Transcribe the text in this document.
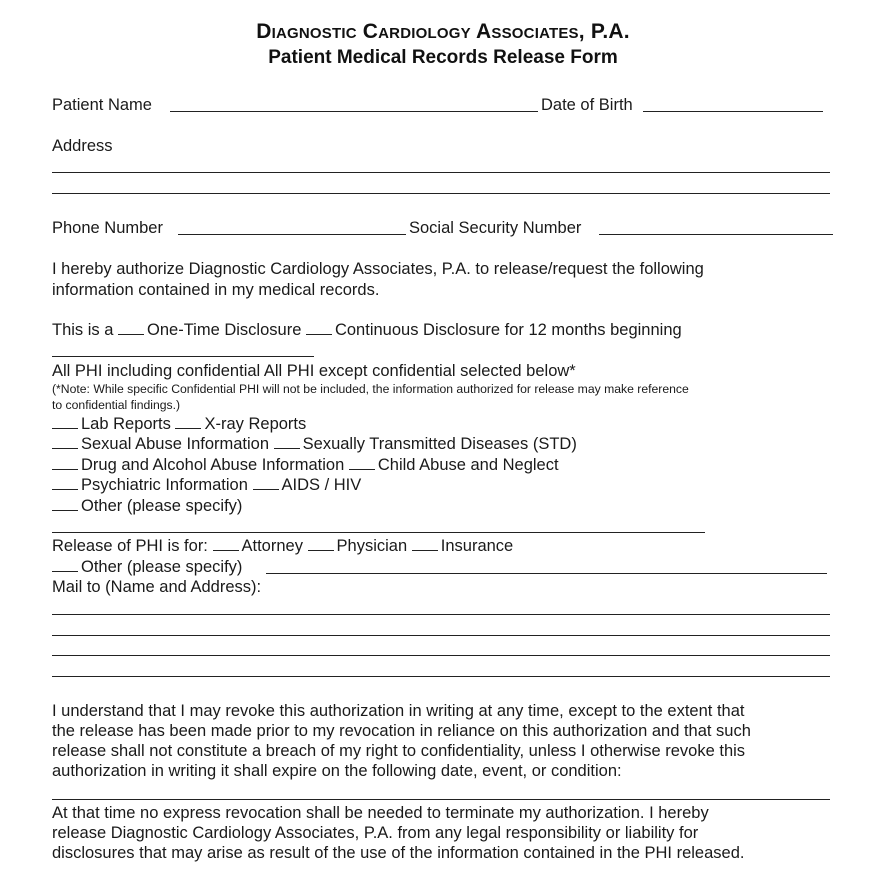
Diagnostic Cardiology Associates, P.A.
Patient Medical Records Release Form
Patient Name	Date of Birth
Address
Phone Number	Social Security Number
I hereby authorize Diagnostic Cardiology Associates, P.A. to release/request the following
information contained in my medical records.
This is a One-Time Disclosure Continuous Disclosure for 12 months beginning
All PHI including confidential All PHI except confidential selected below*
(*Note: While specific Confidential PHI will not be included, the information authorized for release may make reference
to confidential findings.)
Lab Reports X-ray Reports
Sexual Abuse Information Sexually Transmitted Diseases (STD)
Drug and Alcohol Abuse Information Child Abuse and Neglect
Psychiatric Information AIDS / HIV
Other (please specify)
Release of PHI is for: Attorney Physician Insurance
Other (please specify)
Mail to (Name and Address):
I understand that I may revoke this authorization in writing at any time, except to the extent that
the release has been made prior to my revocation in reliance on this authorization and that such
release shall not constitute a breach of my right to confidentiality, unless I otherwise revoke this
authorization in writing it shall expire on the following date, event, or condition:
At that time no express revocation shall be needed to terminate my authorization. I hereby
release Diagnostic Cardiology Associates, P.A. from any legal responsibility or liability for
disclosures that may arise as result of the use of the information contained in the PHI released.
